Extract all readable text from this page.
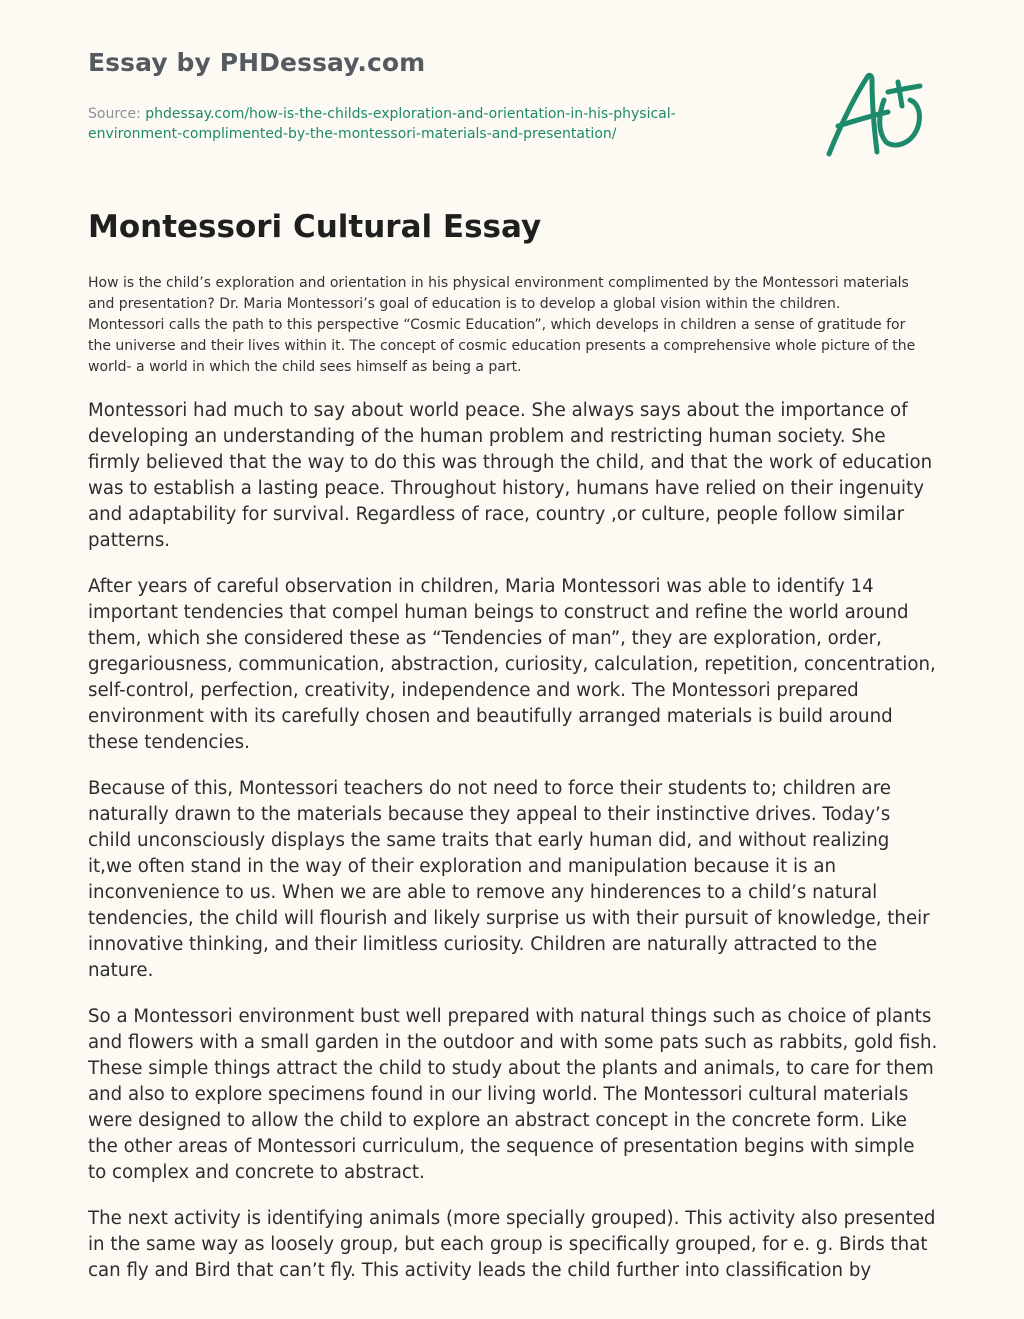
Essay by PHDessay.com
Source: phdessay.com/how-is-the-childs-exploration-and-orientation-in-his-physical-environment-complimented-by-the-montessori-materials-and-presentation/
Montessori Cultural Essay

How is the child’s exploration and orientation in his physical environment complimented by the Montessori materials and presentation? Dr. Maria Montessori’s goal of education is to develop a global vision within the children. Montessori calls the path to this perspective “Cosmic Education”, which develops in children a sense of gratitude for the universe and their lives within it. The concept of cosmic education presents a comprehensive whole picture of the world- a world in which the child sees himself as being a part.

Montessori had much to say about world peace. She always says about the importance of developing an understanding of the human problem and restricting human society. She firmly believed that the way to do this was through the child, and that the work of education was to establish a lasting peace. Throughout history, humans have relied on their ingenuity and adaptability for survival. Regardless of race, country ,or culture, people follow similar patterns.

After years of careful observation in children, Maria Montessori was able to identify 14 important tendencies that compel human beings to construct and refine the world around them, which she considered these as “Tendencies of man”, they are exploration, order, gregariousness, communication, abstraction, curiosity, calculation, repetition, concentration, self-control, perfection, creativity, independence and work. The Montessori prepared environment with its carefully chosen and beautifully arranged materials is build around these tendencies.

Because of this, Montessori teachers do not need to force their students to; children are naturally drawn to the materials because they appeal to their instinctive drives. Today’s child unconsciously displays the same traits that early human did, and without realizing it,we often stand in the way of their exploration and manipulation because it is an inconvenience to us. When we are able to remove any hinderences to a child’s natural tendencies, the child will flourish and likely surprise us with their pursuit of knowledge, their innovative thinking, and their limitless curiosity. Children are naturally attracted to the nature.

So a Montessori environment bust well prepared with natural things such as choice of plants and flowers with a small garden in the outdoor and with some pats such as rabbits, gold fish. These simple things attract the child to study about the plants and animals, to care for them and also to explore specimens found in our living world. The Montessori cultural materials were designed to allow the child to explore an abstract concept in the concrete form. Like the other areas of Montessori curriculum, the sequence of presentation begins with simple to complex and concrete to abstract.

The next activity is identifying animals (more specially grouped). This activity also presented in the same way as loosely group, but each group is specifically grouped, for e. g. Birds that can fly and Bird that can’t fly. This activity leads the child further into classification by
